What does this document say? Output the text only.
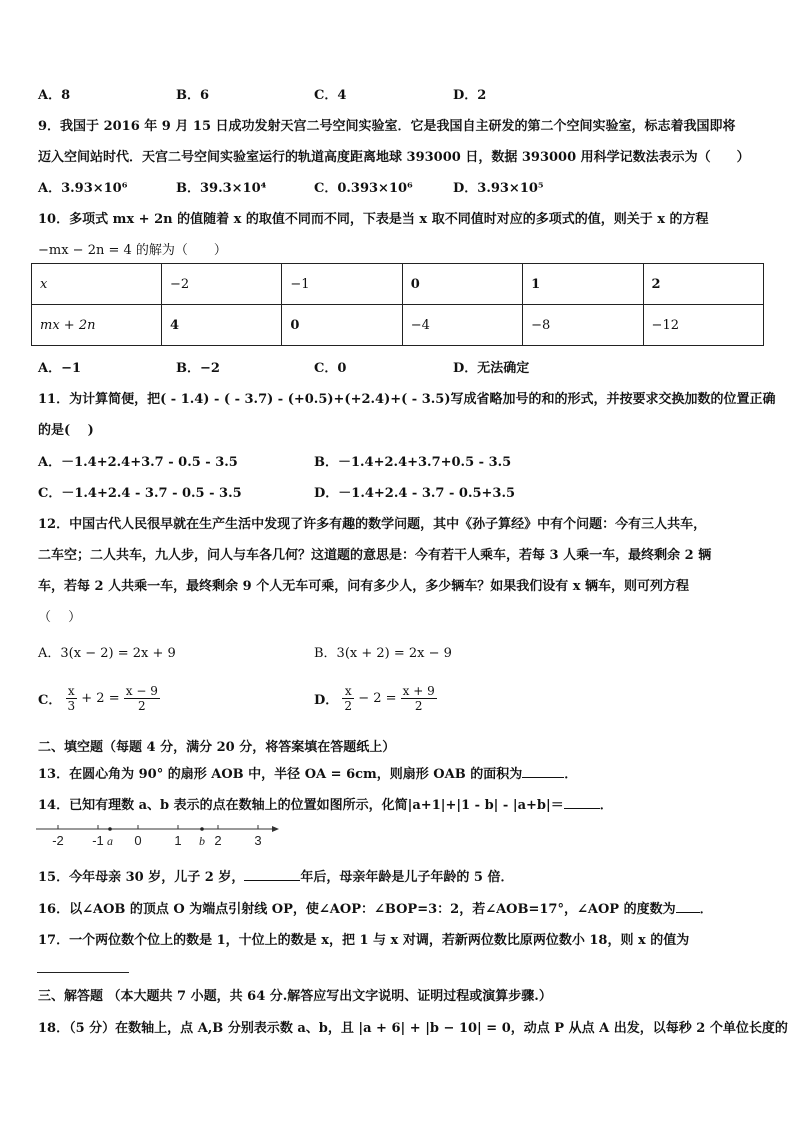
A．8	B．6	C．4	D．2
9．我国于 2016 年 9 月 15 日成功发射天宫二号空间实验室．它是我国自主研发的第二个空间实验室，标志着我国即将
迈入空间站时代．天宫二号空间实验室运行的轨道高度距离地球 393000 日，数据 393000 用科学记数法表示为（　　）
A．3.93×10⁶	B．39.3×10⁴	C．0.393×10⁶	D．3.93×10⁵
10．多项式 mx + 2n 的值随着 x 的取值不同而不同，下表是当 x 取不同值时对应的多项式的值，则关于 x 的方程
−mx − 2n = 4 的解为（　　）
x	−2	−1	0	1	2
mx + 2n	4	0	−4	−8	−12
A．−1	B．−2	C．0	D．无法确定
11．为计算简便，把( - 1.4) - ( - 3.7) - (+0.5)+(+2.4)+( - 3.5)写成省略加号的和的形式，并按要求交换加数的位置正确
的是(　 )
A．－1.4+2.4+3.7 - 0.5 - 3.5	B．－1.4+2.4+3.7+0.5 - 3.5
C．－1.4+2.4 - 3.7 - 0.5 - 3.5	D．－1.4+2.4 - 3.7 - 0.5+3.5
12．中国古代人民很早就在生产生活中发现了许多有趣的数学问题，其中《孙子算经》中有个问题：今有三人共车，
二车空；二人共车，九人步，问人与车各几何？这道题的意思是：今有若干人乘车，若每 3 人乘一车，最终剩余 2 辆
车，若每 2 人共乘一车，最终剩余 9 个人无车可乘，问有多少人，多少辆车？如果我们设有 x 辆车，则可列方程
（　 ）
A．3(x − 2) = 2x + 9	B．3(x + 2) = 2x − 9
C． $\frac{x}{3} + 2 = \frac{x - 9}{2}$	D． $\frac{x}{2} - 2 = \frac{x + 9}{2}$
二、填空题（每题 4 分，满分 20 分，将答案填在答题纸上）
13．在圆心角为 90° 的扇形 AOB 中，半径 OA = 6cm，则扇形 OAB 的面积为	．
14．已知有理数 a、b 表示的点在数轴上的位置如图所示，化简|a+1|+|1 - b| - |a+b|＝	．
-2 -1 0	1	2	3
a	b
15．今年母亲 30 岁，儿子 2 岁，	年后，母亲年龄是儿子年龄的 5 倍．
16．以∠AOB 的顶点 O 为端点引射线 OP，使∠AOP：∠BOP=3：2，若∠AOB=17°，∠AOP 的度数为 ．
17．一个两位数个位上的数是 1，十位上的数是 x，把 1 与 x 对调，若新两位数比原两位数小 18，则 x 的值为
三、解答题 （本大题共 7 小题，共 64 分.解答应写出文字说明、证明过程或演算步骤.）
18．（5 分）在数轴上，点 A,B 分别表示数 a、b，且 |a + 6| + |b − 10| = 0，动点 P 从点 A 出发，以每秒 2 个单位长度的
